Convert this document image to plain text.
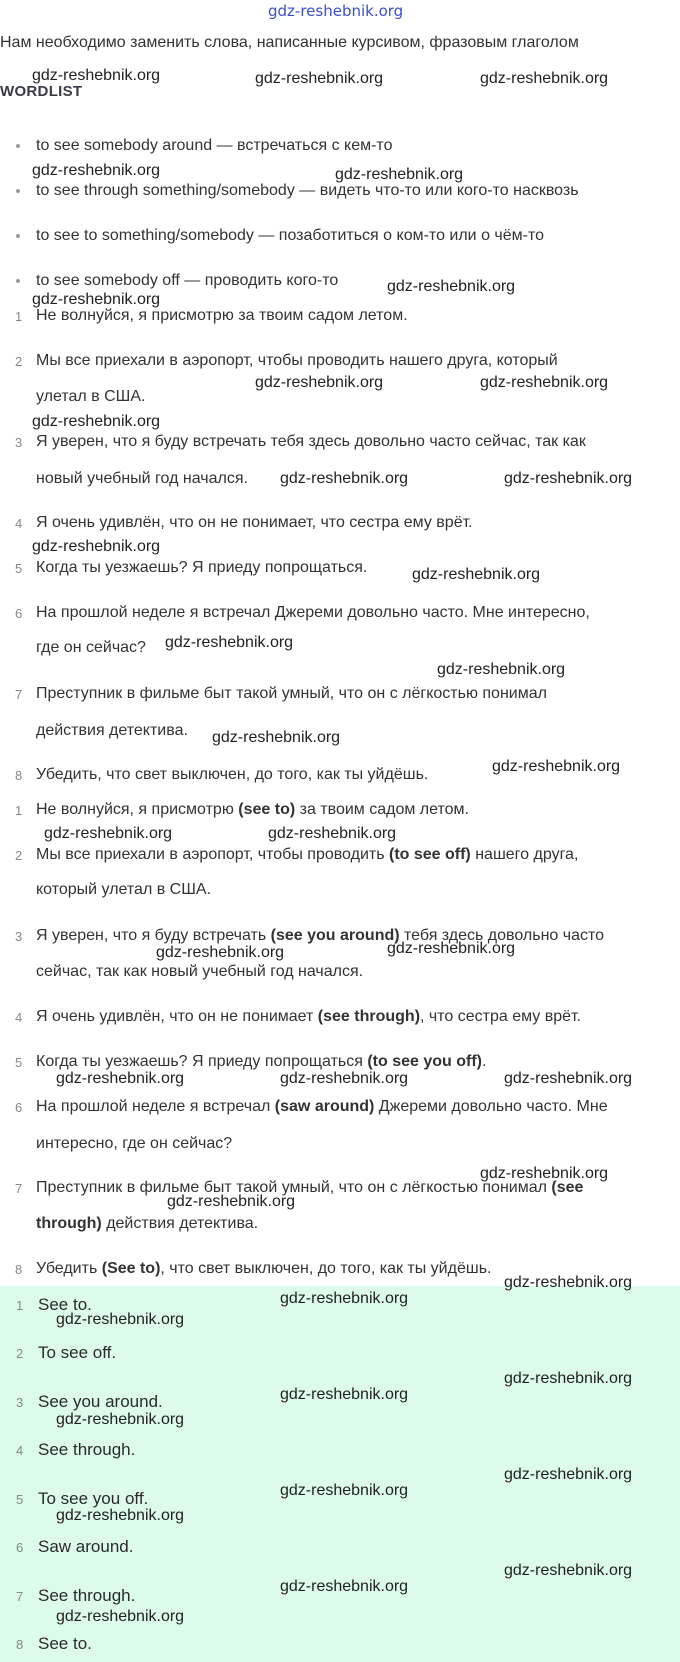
gdz-reshebnik.org
Нам необходимо заменить слова, написанные курсивом, фразовым глаголом
WORDLIST
to see somebody around — встречаться с кем-то
to see through something/somebody — видеть что-то или кого-то насквозь
to see to something/somebody — позаботиться о ком-то или о чём-то
to see somebody off — проводить кого-то
1 Не волнуйся, я присмотрю за твоим садом летом.
2 Мы все приехали в аэропорт, чтобы проводить нашего друга, который
улетал в США.
3 Я уверен, что я буду встречать тебя здесь довольно часто сейчас, так как
новый учебный год начался.
4 Я очень удивлён, что он не понимает, что сестра ему врёт.
5 Когда ты уезжаешь? Я приеду попрощаться.
6 На прошлой неделе я встречал Джереми довольно часто. Мне интересно,
где он сейчас?
7 Преступник в фильме быт такой умный, что он с лёгкостью понимал
действия детектива.
8 Убедить, что свет выключен, до того, как ты уйдёшь.
1 Не волнуйся, я присмотрю (see to) за твоим садом летом.
2 Мы все приехали в аэропорт, чтобы проводить (to see off) нашего друга,
который улетал в США.
3 Я уверен, что я буду встречать (see you around) тебя здесь довольно часто
сейчас, так как новый учебный год начался.
4 Я очень удивлён, что он не понимает (see through), что сестра ему врёт.
5 Когда ты уезжаешь? Я приеду попрощаться (to see you off).
6 На прошлой неделе я встречал (saw around) Джереми довольно часто. Мне
интересно, где он сейчас?
7 Преступник в фильме быт такой умный, что он с лёгкостью понимал (see
through) действия детектива.
8 Убедить (See to), что свет выключен, до того, как ты уйдёшь.
1 See to.
2 To see off.
3 See you around.
4 See through.
5 To see you off.
6 Saw around.
7 See through.
8 See to.
gdz-reshebnik.org	gdz-reshebnik.org	gdz-reshebnik.org
gdz-reshebnik.org	gdz-reshebnik.org
gdz-reshebnik.org
gdz-reshebnik.org
gdz-reshebnik.org	gdz-reshebnik.org
gdz-reshebnik.org
gdz-reshebnik.org	gdz-reshebnik.org
gdz-reshebnik.org
gdz-reshebnik.org
gdz-reshebnik.org
gdz-reshebnik.org
gdz-reshebnik.org
gdz-reshebnik.org
gdz-reshebnik.org	gdz-reshebnik.org
gdz-reshebnik.org	gdz-reshebnik.org
gdz-reshebnik.org	gdz-reshebnik.org	gdz-reshebnik.org
gdz-reshebnik.org
gdz-reshebnik.org
gdz-reshebnik.org
gdz-reshebnik.org
gdz-reshebnik.org
gdz-reshebnik.org
gdz-reshebnik.org
gdz-reshebnik.org
gdz-reshebnik.org
gdz-reshebnik.org
gdz-reshebnik.org
gdz-reshebnik.org
gdz-reshebnik.org
gdz-reshebnik.org
